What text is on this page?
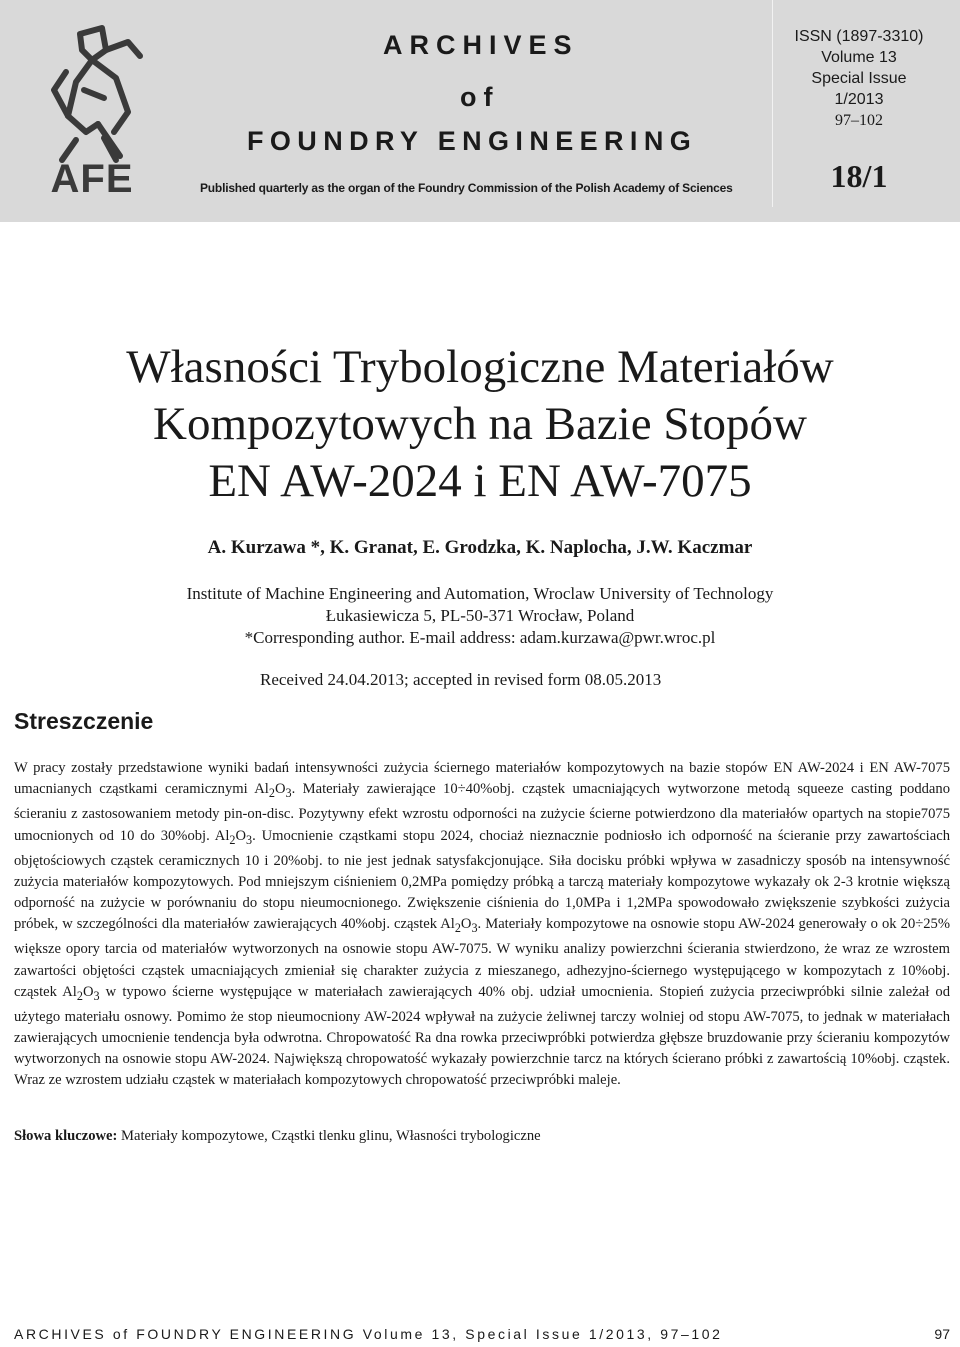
AFE
ARCHIVES
of
FOUNDRY ENGINEERING
Published quarterly as the organ of the Foundry Commission of the Polish Academy of Sciences
ISSN (1897-3310)
Volume 13
Special Issue
1/2013
97–102
18/1
Własności Trybologiczne Materiałów
Kompozytowych na Bazie Stopów
EN AW-2024 i EN AW-7075
A. Kurzawa *, K. Granat, E. Grodzka, K. Naplocha, J.W. Kaczmar
Institute of Machine Engineering and Automation, Wroclaw University of Technology
Łukasiewicza 5, PL-50-371 Wrocław, Poland
*Corresponding author. E-mail address: adam.kurzawa@pwr.wroc.pl
Received 24.04.2013; accepted in revised form 08.05.2013
Streszczenie

W pracy zostały przedstawione wyniki badań intensywności zużycia ściernego materiałów kompozytowych na bazie stopów EN AW-2024 i EN AW-7075 umacnianych cząstkami ceramicznymi $Al_2O_3$. Materiały zawierające 10÷40%obj. cząstek umacniających wytworzone metodą squeeze casting poddano ścieraniu z zastosowaniem metody pin-on-disc. Pozytywny efekt wzrostu odporności na zużycie ścierne potwierdzono dla materiałów opartych na stopie7075 umocnionych od 10 do 30%obj. $Al_2O_3$. Umocnienie cząstkami stopu 2024, chociaż nieznacznie podniosło ich odporność na ścieranie przy zawartościach objętościowych cząstek ceramicznych 10 i 20%obj. to nie jest jednak satysfakcjonujące. Siła docisku próbki wpływa w zasadniczy sposób na intensywność zużycia materiałów kompozytowych. Pod mniejszym ciśnieniem 0,2MPa pomiędzy próbką a tarczą materiały kompozytowe wykazały ok 2-3 krotnie większą odporność na zużycie w porównaniu do stopu nieumocnionego. Zwiększenie ciśnienia do 1,0MPa i 1,2MPa spowodowało zwiększenie szybkości zużycia próbek, w szczególności dla materiałów zawierających 40%obj. cząstek $Al_2O_3$. Materiały kompozytowe na osnowie stopu AW-2024 generowały o ok 20÷25% większe opory tarcia od materiałów wytworzonych na osnowie stopu AW-7075. W wyniku analizy powierzchni ścierania stwierdzono, że wraz ze wzrostem zawartości objętości cząstek umacniających zmieniał się charakter zużycia z mieszanego, adhezyjno-ściernego występującego w kompozytach z 10%obj. cząstek $Al_2O_3$ w typowo ścierne występujące w materiałach zawierających 40% obj. udział umocnienia. Stopień zużycia przeciwpróbki silnie zależał od użytego materiału osnowy. Pomimo że stop nieumocniony AW-2024 wpływał na zużycie żeliwnej tarczy wolniej od stopu AW-7075, to jednak w materiałach zawierających umocnienie tendencja była odwrotna. Chropowatość Ra dna rowka przeciwpróbki potwierdza głębsze bruzdowanie przy ścieraniu kompozytów wytworzonych na osnowie stopu AW-2024. Największą chropowatość wykazały powierzchnie tarcz na których ścierano próbki z zawartością 10%obj. cząstek. Wraz ze wzrostem udziału cząstek w materiałach kompozytowych chropowatość przeciwpróbki maleje.

Słowa kluczowe: Materiały kompozytowe, Cząstki tlenku glinu, Własności trybologiczne
ARCHIVES of FOUNDRY ENGINEERING Volume 13, Special Issue 1/2013, 97–102	97
